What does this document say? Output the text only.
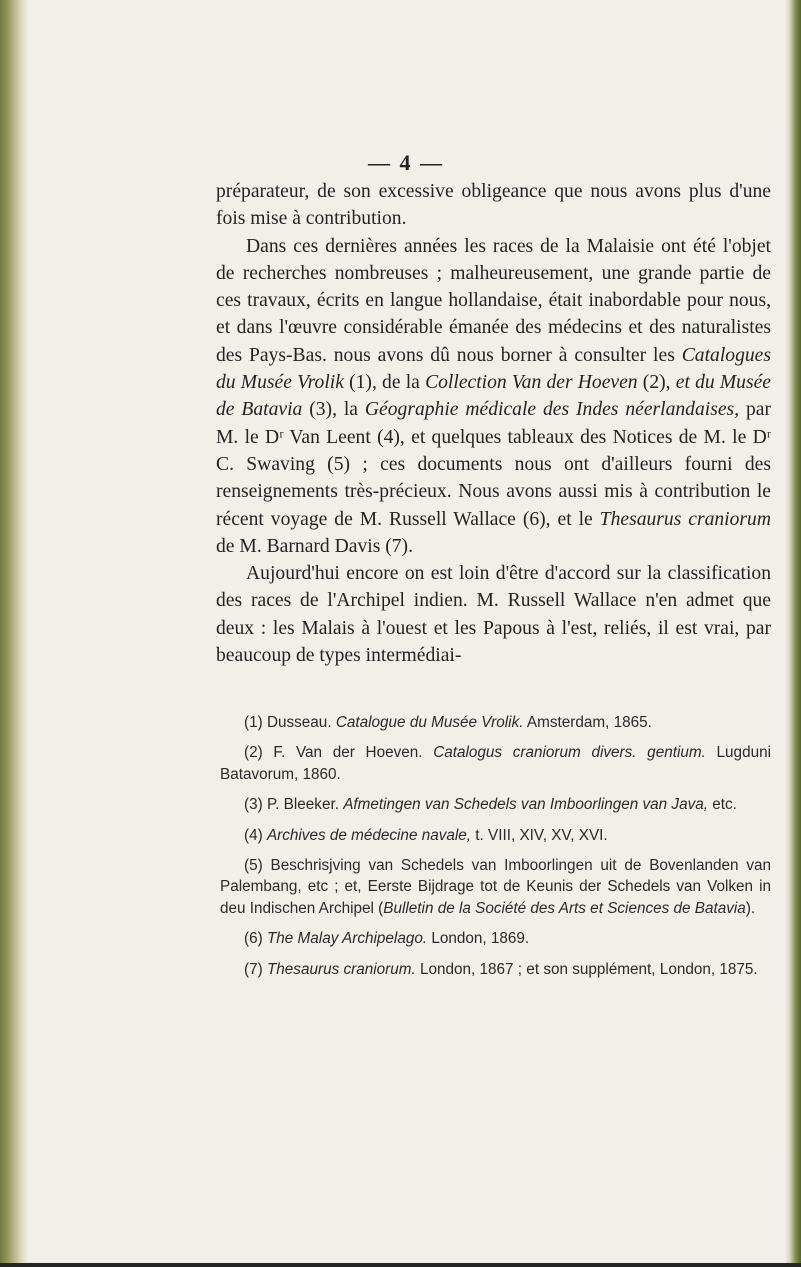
— 4 —

préparateur, de son excessive obligeance que nous avons plus d'une fois mise à contribution.

Dans ces dernières années les races de la Malaisie ont été l'objet de recherches nombreuses ; malheureusement, une grande partie de ces travaux, écrits en langue hollandaise, était inabordable pour nous, et dans l'œuvre considérable émanée des médecins et des naturalistes des Pays-Bas. nous avons dû nous borner à consulter les Catalogues du Musée Vrolik (1), de la Collection Van der Hoeven (2), et du Musée de Batavia (3), la Géographie médicale des Indes néerlandaises, par M. le Dʳ Van Leent (4), et quelques tableaux des Notices de M. le Dʳ C. Swaving (5) ; ces documents nous ont d'ailleurs fourni des renseignements très-précieux. Nous avons aussi mis à contribution le récent voyage de M. Russell Wallace (6), et le Thesaurus craniorum de M. Barnard Davis (7).

Aujourd'hui encore on est loin d'être d'accord sur la classification des races de l'Archipel indien. M. Russell Wallace n'en admet que deux : les Malais à l'ouest et les Papous à l'est, reliés, il est vrai, par beaucoup de types intermédiai-

(1) Dusseau. Catalogue du Musée Vrolik. Amsterdam, 1865.

(2) F. Van der Hoeven. Catalogus craniorum divers. gentium. Lugduni Batavorum, 1860.

(3) P. Bleeker. Afmetingen van Schedels van Imboorlingen van Java, etc.

(4) Archives de médecine navale, t. VIII, XIV, XV, XVI.

(5) Beschrisjving van Schedels van Imboorlingen uit de Bovenlanden van Palembang, etc ; et, Eerste Bijdrage tot de Keunis der Schedels van Volken in deu Indischen Archipel (Bulletin de la Société des Arts et Sciences de Batavia).

(6) The Malay Archipelago. London, 1869.

(7) Thesaurus craniorum. London, 1867 ; et son supplément, London, 1875.
